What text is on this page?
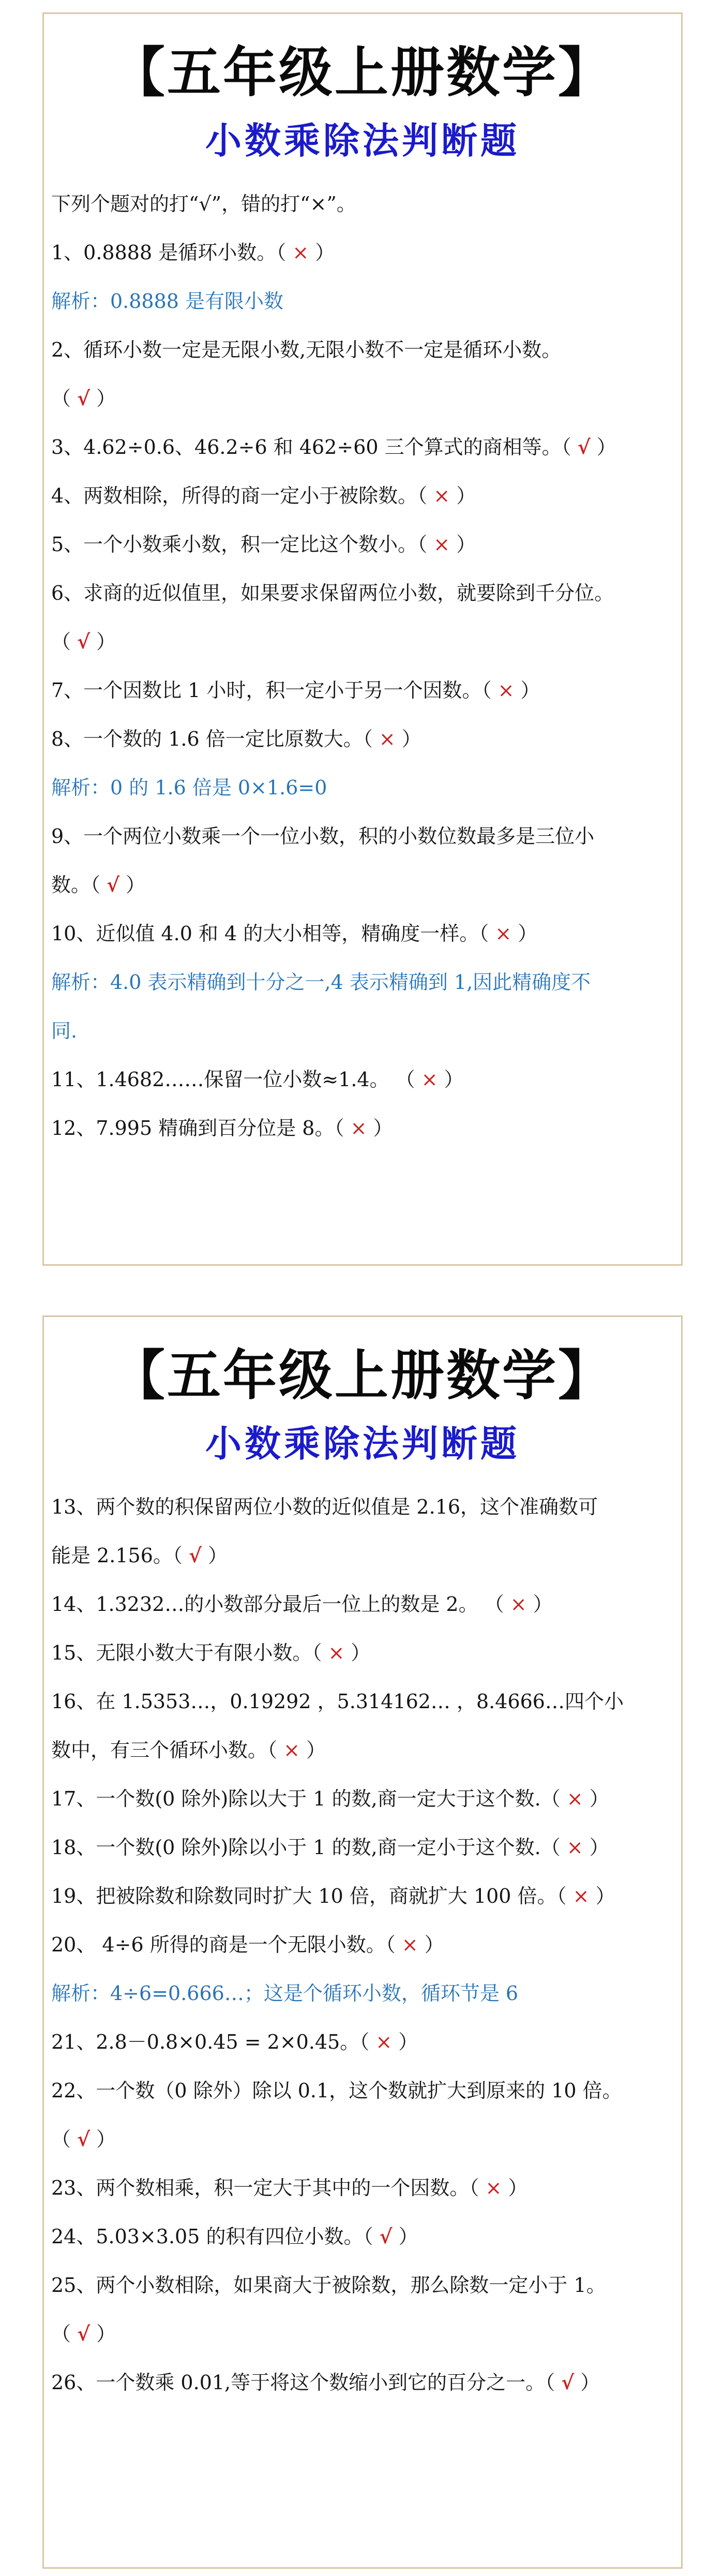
【五年级上册数学】
小数乘除法判断题
下列个题对的打“√”，错的打“×”。
1、0.8888 是循环小数。（ × ）
解析：0.8888 是有限小数
2、循环小数一定是无限小数,无限小数不一定是循环小数。
（ √ ）
3、4.62÷0.6、46.2÷6 和 462÷60 三个算式的商相等。（ √ ）
4、两数相除，所得的商一定小于被除数。（ × ）
5、一个小数乘小数，积一定比这个数小。（ × ）
6、求商的近似值里，如果要求保留两位小数，就要除到千分位。
（ √ ）
7、一个因数比 1 小时，积一定小于另一个因数。（ × ）
8、一个数的 1.6 倍一定比原数大。（ × ）
解析：0 的 1.6 倍是 0×1.6=0
9、一个两位小数乘一个一位小数，积的小数位数最多是三位小
数。（ √ ）
10、近似值 4.0 和 4 的大小相等，精确度一样。（ × ）
解析：4.0 表示精确到十分之一,4 表示精确到 1,因此精确度不
同.
11、1.4682……保留一位小数≈1.4。 （ × ）
12、7.995 精确到百分位是 8。（ × ）
【五年级上册数学】
小数乘除法判断题
13、两个数的积保留两位小数的近似值是 2.16，这个准确数可
能是 2.156。（ √ ）
14、1.3232…的小数部分最后一位上的数是 2。 （ × ）
15、无限小数大于有限小数。（ × ）
16、在 1.5353…，0.19292 ，5.314162… ，8.4666…四个小
数中，有三个循环小数。（ × ）
17、一个数(0 除外)除以大于 1 的数,商一定大于这个数.（ × ）
18、一个数(0 除外)除以小于 1 的数,商一定小于这个数.（ × ）
19、把被除数和除数同时扩大 10 倍，商就扩大 100 倍。（ × ）
20、 4÷6 所得的商是一个无限小数。（ × ）
解析：4÷6=0.666…；这是个循环小数，循环节是 6
21、2.8－0.8×0.45 = 2×0.45。（ × ）
22、一个数（0 除外）除以 0.1，这个数就扩大到原来的 10 倍。
（ √ ）
23、两个数相乘，积一定大于其中的一个因数。（ × ）
24、5.03×3.05 的积有四位小数。（ √ ）
25、两个小数相除，如果商大于被除数，那么除数一定小于 1。
（ √ ）
26、一个数乘 0.01,等于将这个数缩小到它的百分之一。（ √ ）
